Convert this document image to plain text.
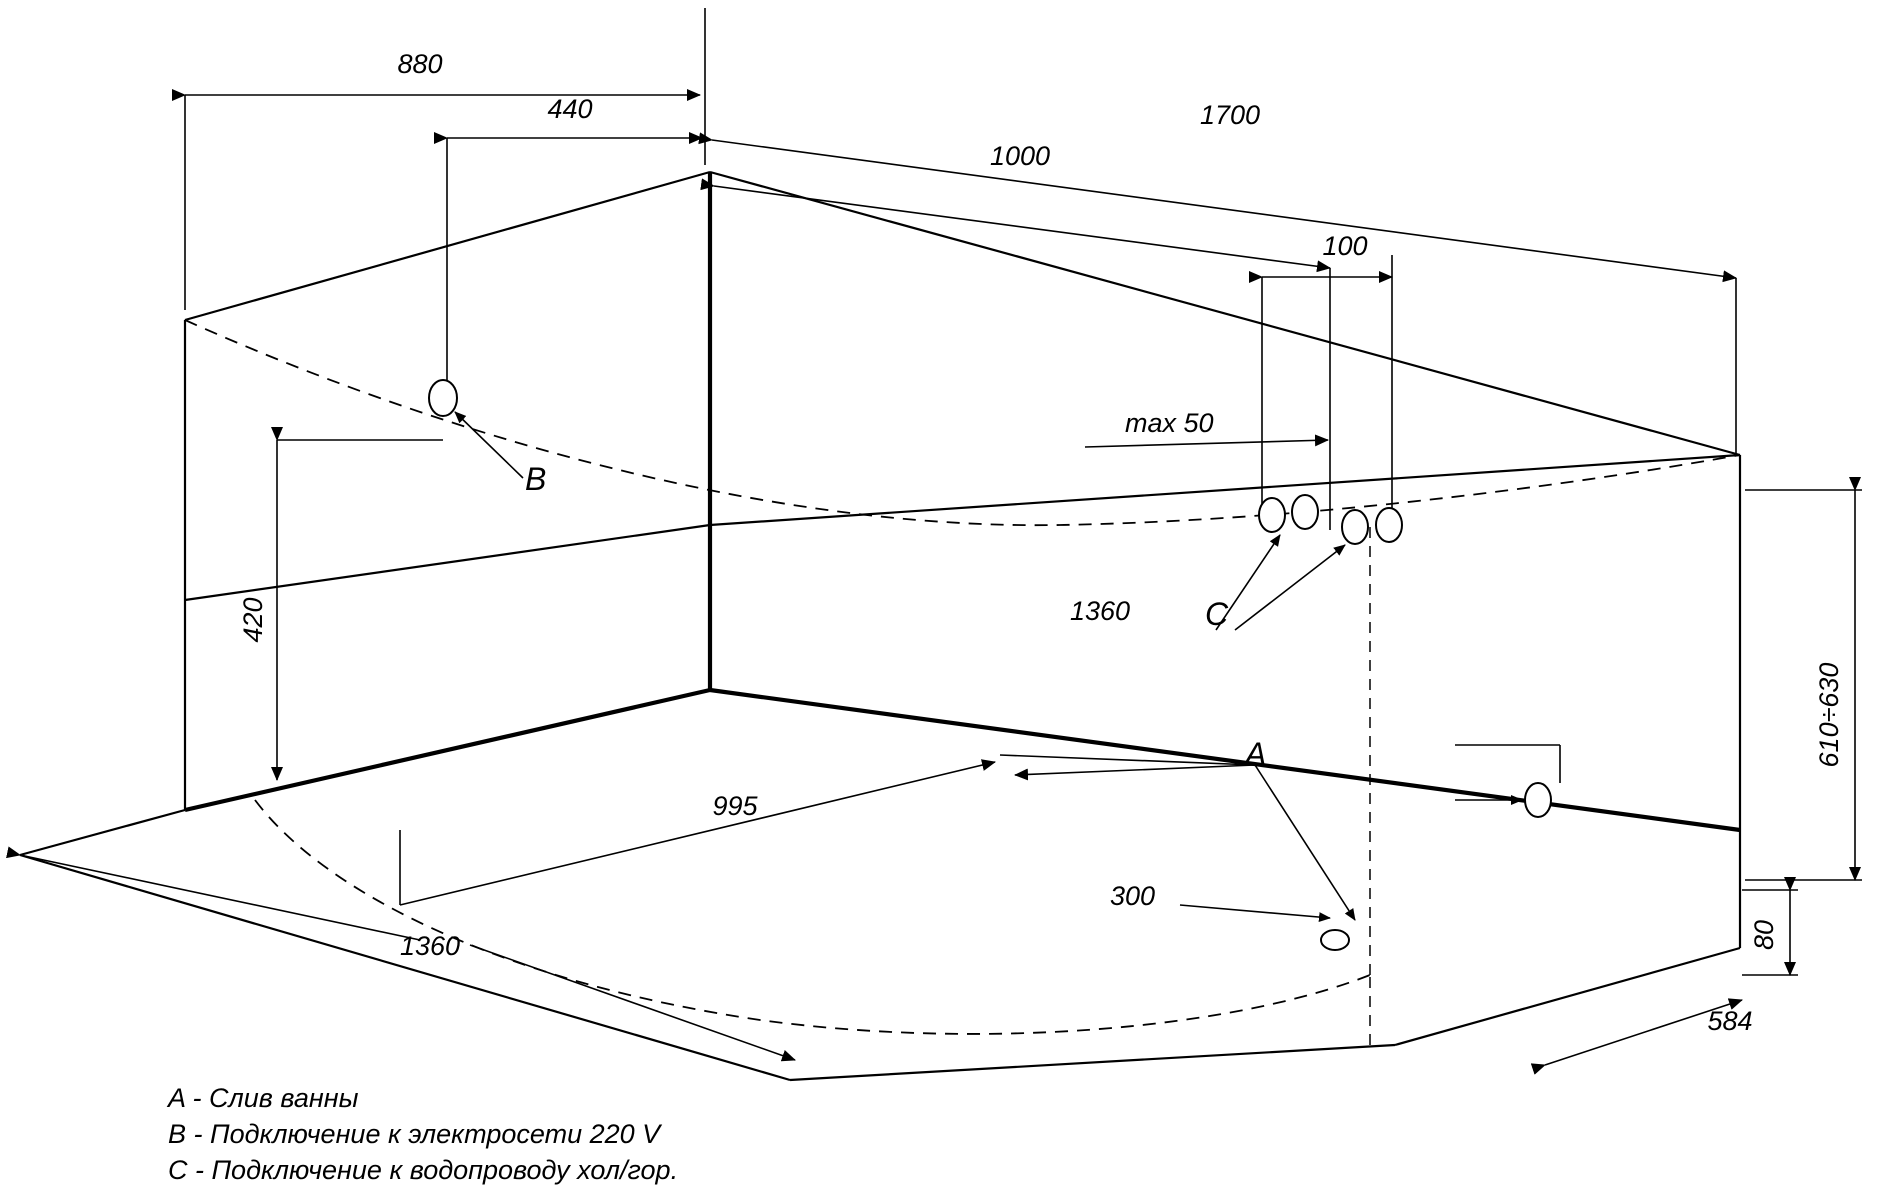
880
440	1700
1000
100
max 50
C
1360
B
420
995
1360
A
300
610÷630
80
584
A - Слив ванны
B - Подключение к электросети 220 V
C - Подключение к водопроводу хол/гор.
